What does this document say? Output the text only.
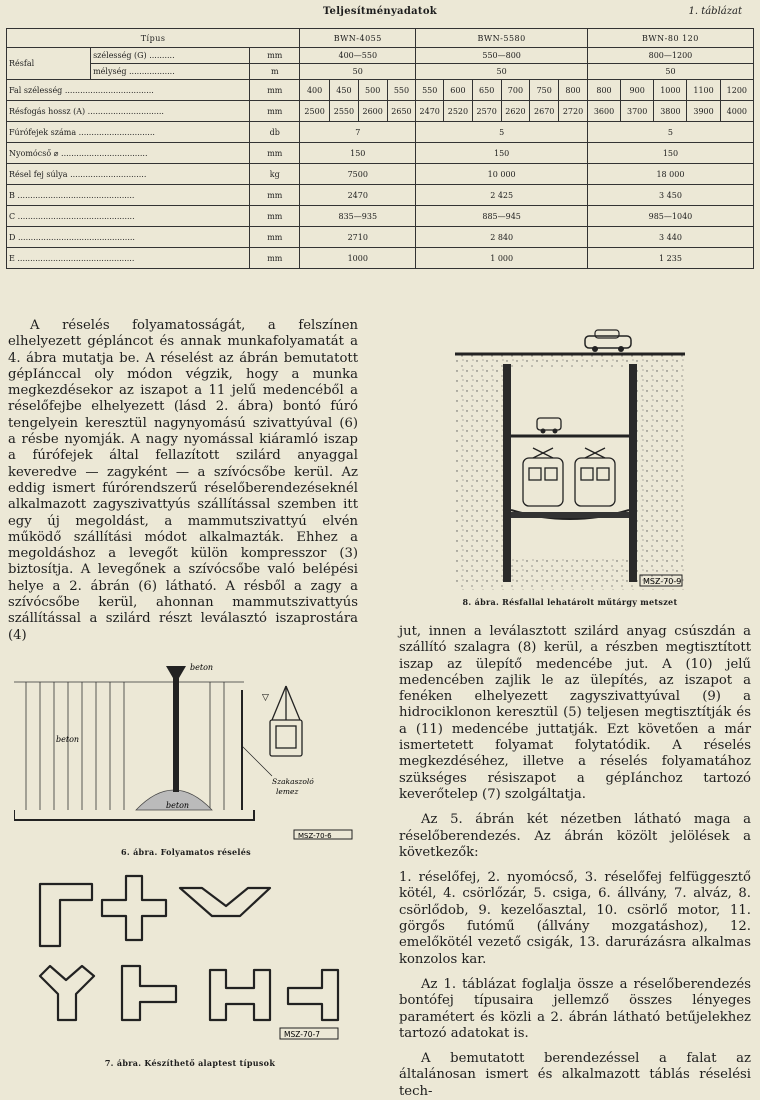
Teljesítményadatok	1. táblázat
Típus			BWN-4055				BWN-5580						BWN-80 120				
Résfal	szélesség (G) ..........	mm	400—550				550—800						800—1200				
	mélység ..................	m	50				50						50				
Fal szélesség ...................................		mm	400	450	500	550	550	600	650	700	750	800	800	900	1000	1100	1200
Résfogás hossz (A) ..............................		mm	2500	2550	2600	2650	2470	2520	2570	2620	2670	2720	3600	3700	3800	3900	4000
Fúrófejek száma ..............................		db	7				5						5				
Nyomócső ⌀ ..................................		mm	150				150						150				
Résel fej súlya ..............................		kg	7500				10 000						18 000				
B ..............................................		mm	2470				2 425						3 450				
C ..............................................		mm	835—935				885—945						985—1040				
D ..............................................		mm	2710				2 840						3 440				
E ..............................................		mm	1000				1 000						1 235				

A réselés folyamatosságát, a felszínen elhelyezett gépláncot és annak munkafolyamatát a 4. ábra mutatja be. A réselést az ábrán bemutatott gépIánccal oly módon végzik, hogy a munka megkezdésekor az iszapot a 11 jelű medencéből a réselőfejbe elhelyezett (lásd 2. ábra) bontó fúró tengelyein keresztül nagynyomású szivattyúval (6) a résbe nyomják. A nagy nyomással kiáramló iszap a fúrófejek által fellazított szilárd anyaggal keveredve — zagyként — a szívócsőbe kerül. Az eddig ismert fúrórendszerű réselőberendezéseknél alkalmazott zagyszivattyús szállítással szemben itt egy új megoldást, a mammutszivattyú elvén működő szállítási módot alkalmazták. Ehhez a megoldáshoz a levegőt külön kompresszor (3) biztosítja. A levegőnek a szívócsőbe való belépési helye a 2. ábrán (6) látható. A résből a zagy a szívócsőbe kerül, ahonnan mammutszivattyús szállítással a szilárd részt leválasztó iszaprostára (4)

MSZ-70-9
8. ábra. Résfallal lehatárolt műtárgy metszet

jut, innen a leválasztott szilárd anyag csúszdán a szállító szalagra (8) kerül, a részben megtisztított iszap az ülepítő medencébe jut. A (10) jelű medencében zajlik le az ülepítés, az iszapot a fenéken elhelyezett zagyszivattyúval (9) a hidrociklonon keresztül (5) teljesen megtisztítják és a (11) medencébe juttatják. Ezt követően a már ismertetett folyamat folytatódik. A réselés megkezdéséhez, illetve a réselés folyamatához szükséges résiszapot a gépIánchoz tartozó keverőtelep (7) szolgáltatja.

Az 5. ábrán két nézetben látható maga a réselőberendezés. Az ábrán közölt jelölések a következők:

1. réselőfej, 2. nyomócső, 3. réselőfej felfüggesztő kötél, 4. csörlőzár, 5. csiga, 6. állvány, 7. alváz, 8. csörlődob, 9. kezelőasztal, 10. csörlő motor, 11. görgős futómű (állvány mozgatáshoz), 12. emelőkötél vezető csigák, 13. darurázásra alkalmas konzolos kar.

Az 1. táblázat foglalja össze a réselőberendezés bontófej típusaira jellemző összes lényeges paramétert és közli a 2. ábrán látható betűjelekhez tartozó adatokat is.

A bemutatott berendezéssel a falat az általánosan ismert és alkalmazott táblás réselési tech-

beton
beton
beton
Szakaszoló
lemez
▽
MSZ-70-6
6. ábra. Folyamatos réselés
MSZ-70-7
7. ábra. Készíthető alaptest típusok
